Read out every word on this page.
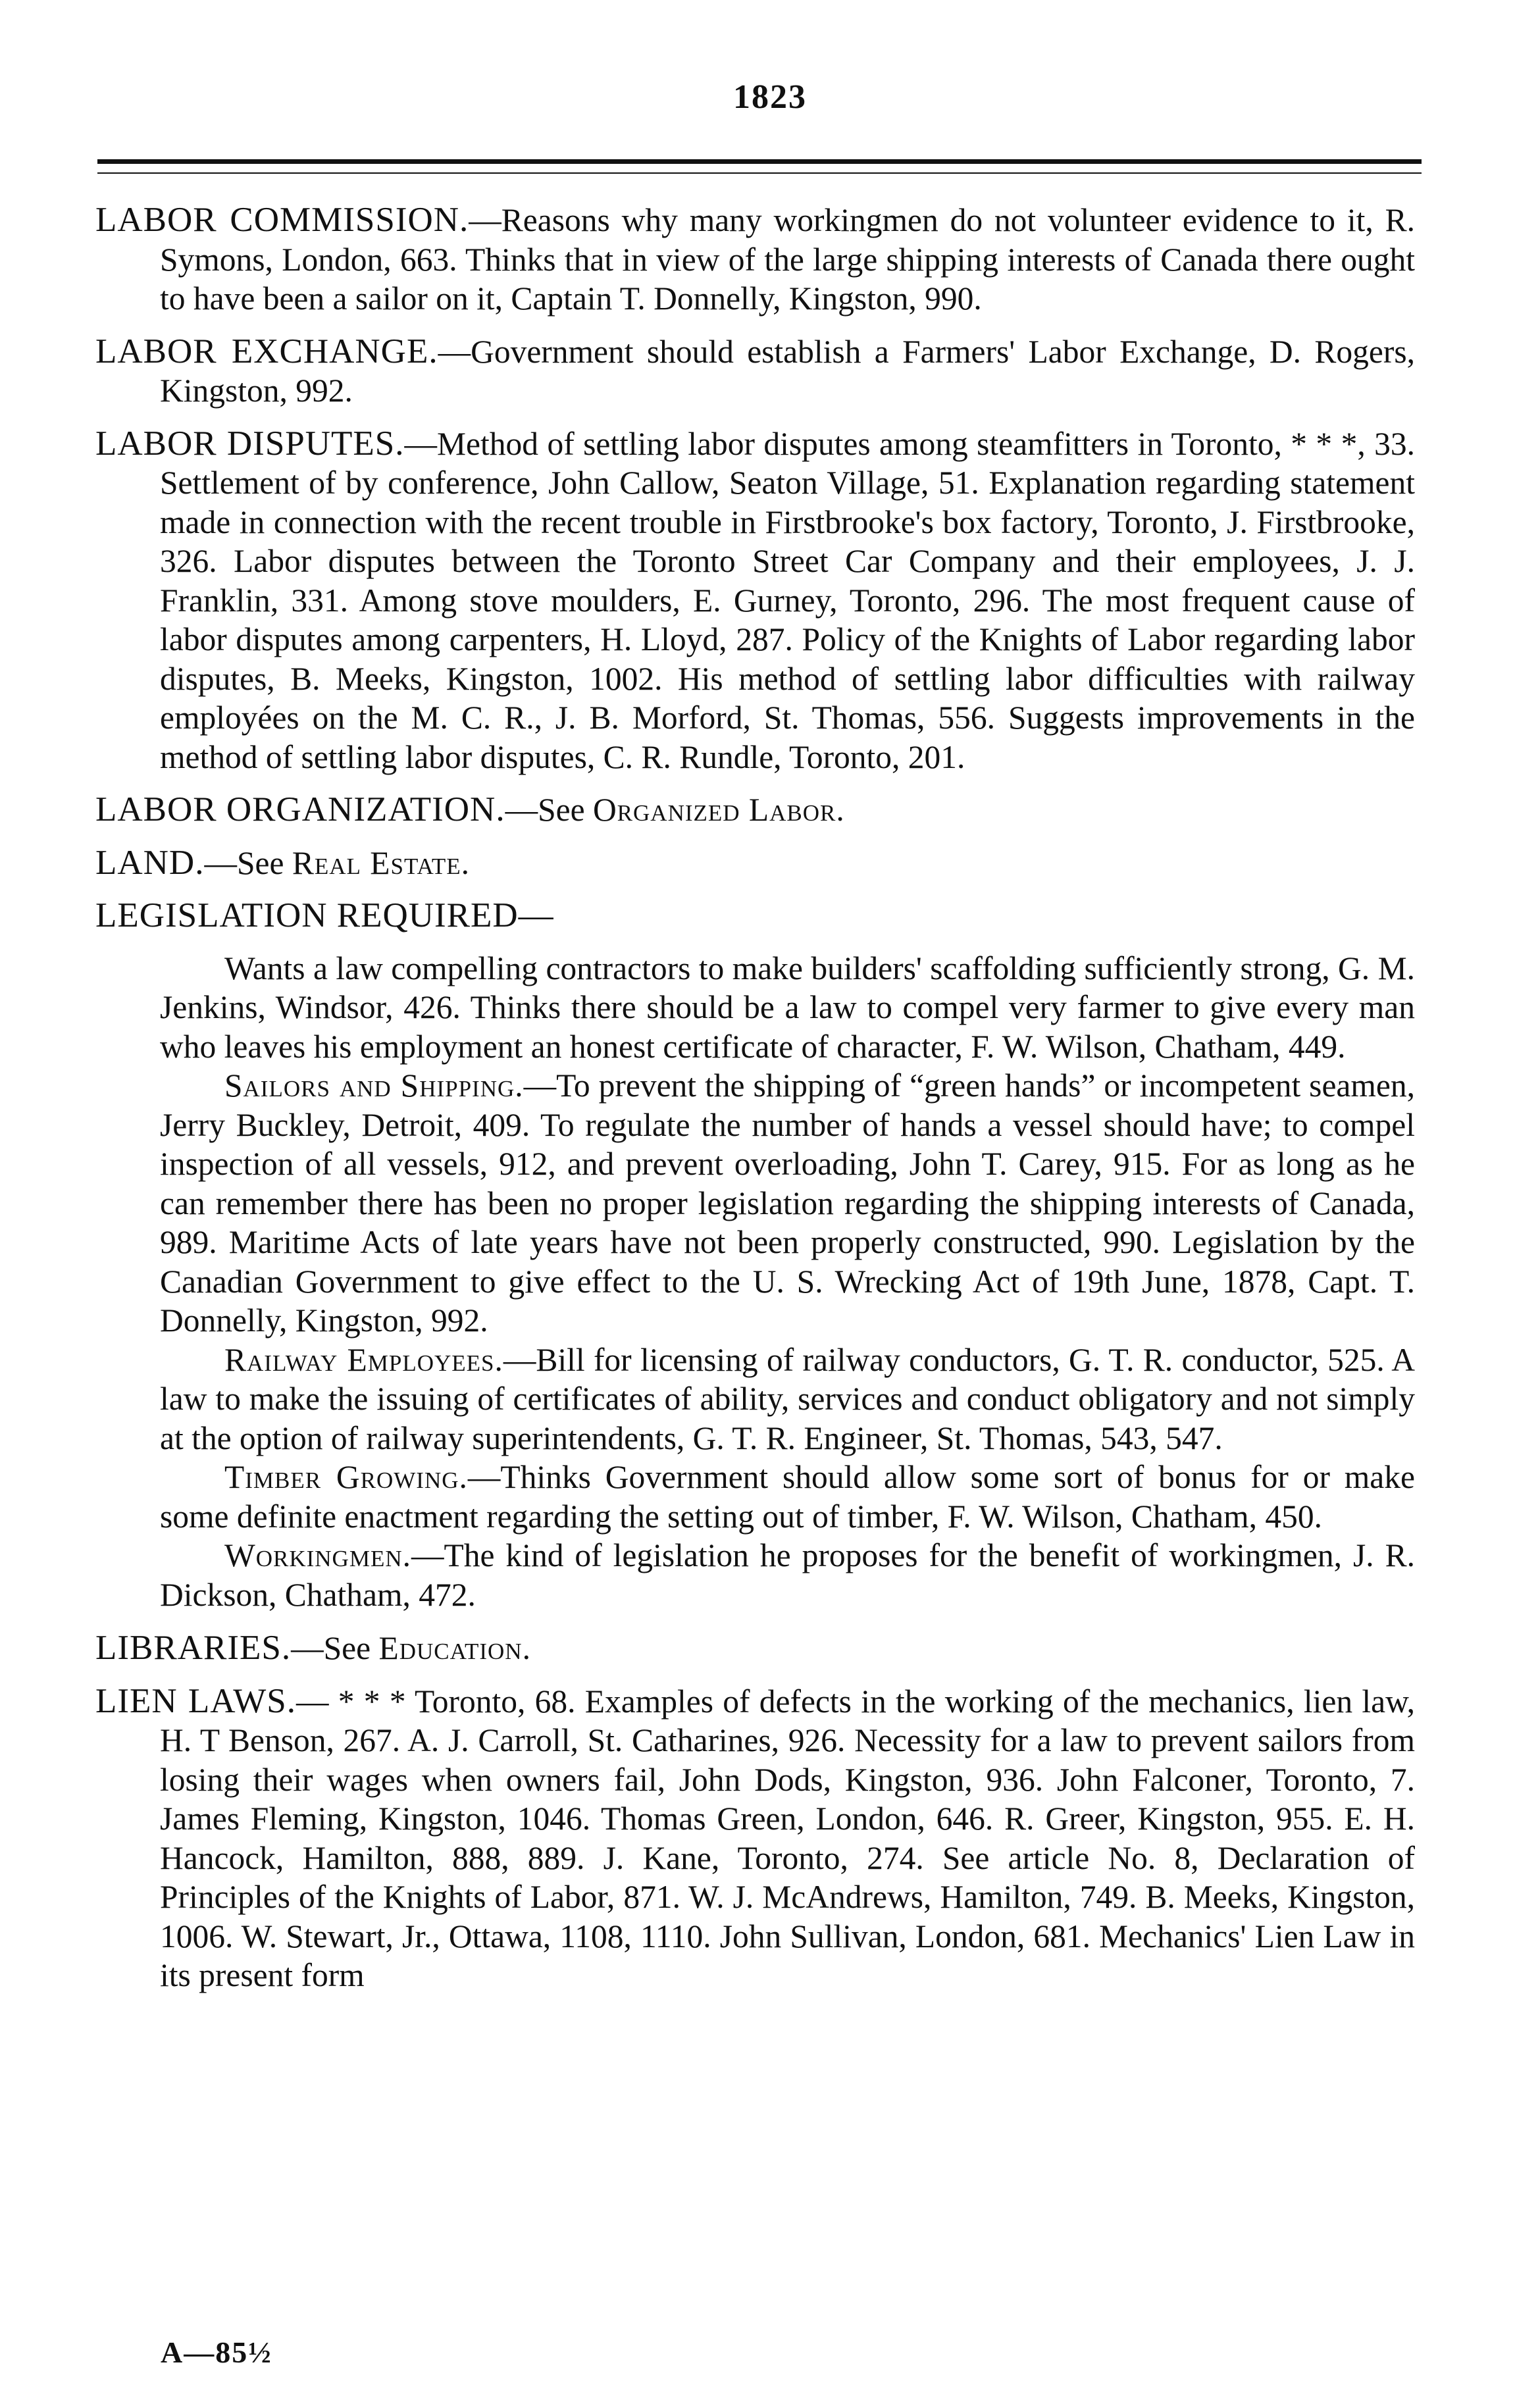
1823

LABOR COMMISSION.—Reasons why many workingmen do not volunteer evidence to it, R. Symons, London, 663. Thinks that in view of the large shipping interests of Canada there ought to have been a sailor on it, Captain T. Donnelly, Kingston, 990.

LABOR EXCHANGE.—Government should establish a Farmers' Labor Exchange, D. Rogers, Kingston, 992.

LABOR DISPUTES.—Method of settling labor disputes among steamfitters in Toronto, * * *, 33. Settlement of by conference, John Callow, Seaton Village, 51. Explanation regarding statement made in connection with the recent trouble in Firstbrooke's box factory, Toronto, J. Firstbrooke, 326. Labor disputes between the Toronto Street Car Company and their employees, J. J. Franklin, 331. Among stove moulders, E. Gurney, Toronto, 296. The most frequent cause of labor disputes among carpenters, H. Lloyd, 287. Policy of the Knights of Labor regarding labor disputes, B. Meeks, Kingston, 1002. His method of settling labor difficulties with railway employées on the M. C. R., J. B. Morford, St. Thomas, 556. Suggests improvements in the method of settling labor disputes, C. R. Rundle, Toronto, 201.

LABOR ORGANIZATION.—See Organized Labor.

LAND.—See Real Estate.

LEGISLATION REQUIRED—

Wants a law compelling contractors to make builders' scaffolding sufficiently strong, G. M. Jenkins, Windsor, 426. Thinks there should be a law to compel very farmer to give every man who leaves his employment an honest certificate of character, F. W. Wilson, Chatham, 449.

Sailors and Shipping.—To prevent the shipping of “green hands” or incompetent seamen, Jerry Buckley, Detroit, 409. To regulate the number of hands a vessel should have; to compel inspection of all vessels, 912, and prevent overloading, John T. Carey, 915. For as long as he can remember there has been no proper legislation regarding the shipping interests of Canada, 989. Maritime Acts of late years have not been properly constructed, 990. Legislation by the Canadian Government to give effect to the U. S. Wrecking Act of 19th June, 1878, Capt. T. Donnelly, Kingston, 992.

Railway Employees.—Bill for licensing of railway conductors, G. T. R. conductor, 525. A law to make the issuing of certificates of ability, services and conduct obligatory and not simply at the option of railway superintendents, G. T. R. Engineer, St. Thomas, 543, 547.

Timber Growing.—Thinks Government should allow some sort of bonus for or make some definite enactment regarding the setting out of timber, F. W. Wilson, Chatham, 450.

Workingmen.—The kind of legislation he proposes for the benefit of workingmen, J. R. Dickson, Chatham, 472.

LIBRARIES.—See Education.

LIEN LAWS.— * * * Toronto, 68. Examples of defects in the working of the mechanics, lien law, H. T Benson, 267. A. J. Carroll, St. Catharines, 926. Necessity for a law to prevent sailors from losing their wages when owners fail, John Dods, Kingston, 936. John Falconer, Toronto, 7. James Fleming, Kingston, 1046. Thomas Green, London, 646. R. Greer, Kingston, 955. E. H. Hancock, Hamilton, 888, 889. J. Kane, Toronto, 274. See article No. 8, Declaration of Principles of the Knights of Labor, 871. W. J. McAndrews, Hamilton, 749. B. Meeks, Kingston, 1006. W. Stewart, Jr., Ottawa, 1108, 1110. John Sullivan, London, 681. Mechanics' Lien Law in its present form

A—85½
